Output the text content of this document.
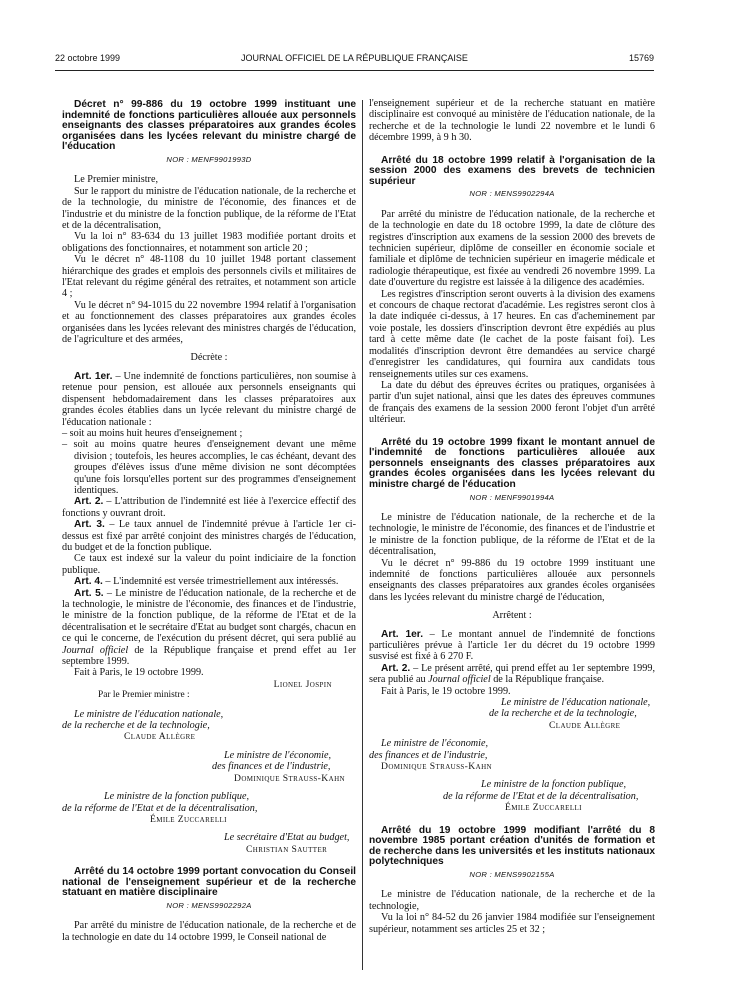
22 octobre 1999	JOURNAL OFFICIEL DE LA RÉPUBLIQUE FRANÇAISE	15769

Décret n° 99-886 du 19 octobre 1999 instituant une indemnité de fonctions particulières allouée aux personnels enseignants des classes préparatoires aux grandes écoles organisées dans les lycées relevant du ministre chargé de l'éducation

NOR : MENF9901993D

Le Premier ministre,

Sur le rapport du ministre de l'éducation nationale, de la recherche et de la technologie, du ministre de l'économie, des finances et de l'industrie et du ministre de la fonction publique, de la réforme de l'Etat et de la décentralisation,

Vu la loi n° 83-634 du 13 juillet 1983 modifiée portant droits et obligations des fonctionnaires, et notamment son article 20 ;

Vu le décret n° 48-1108 du 10 juillet 1948 portant classement hiérarchique des grades et emplois des personnels civils et militaires de l'Etat relevant du régime général des retraites, et notamment son article 4 ;

Vu le décret n° 94-1015 du 22 novembre 1994 relatif à l'organisation et au fonctionnement des classes préparatoires aux grandes écoles organisées dans les lycées relevant des ministres chargés de l'éducation, de l'agriculture et des armées,

Décrète :

Art. 1er. – Une indemnité de fonctions particulières, non soumise à retenue pour pension, est allouée aux personnels enseignants qui dispensent hebdomadairement dans les classes préparatoires aux grandes écoles établies dans un lycée relevant du ministre chargé de l'éducation nationale :

– soit au moins huit heures d'enseignement ;

– soit au moins quatre heures d'enseignement devant une même division ; toutefois, les heures accomplies, le cas échéant, devant des groupes d'élèves issus d'une même division ne sont décomptées qu'une fois lorsqu'elles portent sur des programmes d'enseignement identiques.

Art. 2. – L'attribution de l'indemnité est liée à l'exercice effectif des fonctions y ouvrant droit.

Art. 3. – Le taux annuel de l'indemnité prévue à l'article 1er ci-dessus est fixé par arrêté conjoint des ministres chargés de l'éducation, du budget et de la fonction publique.

Ce taux est indexé sur la valeur du point indiciaire de la fonction publique.

Art. 4. – L'indemnité est versée trimestriellement aux intéressés.

Art. 5. – Le ministre de l'éducation nationale, de la recherche et de la technologie, le ministre de l'économie, des finances et de l'industrie, le ministre de la fonction publique, de la réforme de l'Etat et de la décentralisation et le secrétaire d'Etat au budget sont chargés, chacun en ce qui le concerne, de l'exécution du présent décret, qui sera publié au Journal officiel de la République française et prend effet au 1er septembre 1999.

Fait à Paris, le 19 octobre 1999.

Lionel Jospin

Par le Premier ministre :

Le ministre de l'éducation nationale,
de la recherche et de la technologie,

Claude Allègre

Le ministre de l'économie,
des finances et de l'industrie,

Dominique Strauss-Kahn

Le ministre de la fonction publique,
de la réforme de l'Etat et de la décentralisation,

Émile Zuccarelli

Le secrétaire d'Etat au budget,

Christian Sautter

Arrêté du 14 octobre 1999 portant convocation du Conseil national de l'enseignement supérieur et de la recherche statuant en matière disciplinaire

NOR : MENS9902292A

Par arrêté du ministre de l'éducation nationale, de la recherche et de la technologie en date du 14 octobre 1999, le Conseil national de

l'enseignement supérieur et de la recherche statuant en matière disciplinaire est convoqué au ministère de l'éducation nationale, de la recherche et de la technologie le lundi 22 novembre et le lundi 6 décembre 1999, à 9 h 30.

Arrêté du 18 octobre 1999 relatif à l'organisation de la session 2000 des examens des brevets de technicien supérieur

NOR : MENS9902294A

Par arrêté du ministre de l'éducation nationale, de la recherche et de la technologie en date du 18 octobre 1999, la date de clôture des registres d'inscription aux examens de la session 2000 des brevets de technicien supérieur, diplôme de conseiller en économie sociale et familiale et diplôme de technicien supérieur en imagerie médicale et radiologie thérapeutique, est fixée au vendredi 26 novembre 1999. La date d'ouverture du registre est laissée à la diligence des académies.

Les registres d'inscription seront ouverts à la division des examens et concours de chaque rectorat d'académie. Les registres seront clos à la date indiquée ci-dessus, à 17 heures. En cas d'acheminement par voie postale, les dossiers d'inscription devront être expédiés au plus tard à cette même date (le cachet de la poste faisant foi). Les modalités d'inscription devront être demandées au service chargé d'enregistrer les candidatures, qui fournira aux candidats tous renseignements utiles sur ces examens.

La date du début des épreuves écrites ou pratiques, organisées à partir d'un sujet national, ainsi que les dates des épreuves communes de français des examens de la session 2000 feront l'objet d'un arrêté ultérieur.

Arrêté du 19 octobre 1999 fixant le montant annuel de l'indemnité de fonctions particulières allouée aux personnels enseignants des classes préparatoires aux grandes écoles organisées dans les lycées relevant du ministre chargé de l'éducation

NOR : MENF9901994A

Le ministre de l'éducation nationale, de la recherche et de la technologie, le ministre de l'économie, des finances et de l'industrie et le ministre de la fonction publique, de la réforme de l'Etat et de la décentralisation,

Vu le décret n° 99-886 du 19 octobre 1999 instituant une indemnité de fonctions particulières allouée aux personnels enseignants des classes préparatoires aux grandes écoles organisées dans les lycées relevant du ministre chargé de l'éducation,

Arrêtent :

Art. 1er. – Le montant annuel de l'indemnité de fonctions particulières prévue à l'article 1er du décret du 19 octobre 1999 susvisé est fixé à 6 270 F.

Art. 2. – Le présent arrêté, qui prend effet au 1er septembre 1999, sera publié au Journal officiel de la République française.

Fait à Paris, le 19 octobre 1999.

Le ministre de l'éducation nationale,
de la recherche et de la technologie,

Claude Allègre

Le ministre de l'économie,
des finances et de l'industrie,

Dominique Strauss-Kahn

Le ministre de la fonction publique,
de la réforme de l'Etat et de la décentralisation,

Émile Zuccarelli

Arrêté du 19 octobre 1999 modifiant l'arrêté du 8 novembre 1985 portant création d'unités de formation et de recherche dans les universités et les instituts nationaux polytechniques

NOR : MENS9902155A

Le ministre de l'éducation nationale, de la recherche et de la technologie,

Vu la loi n° 84-52 du 26 janvier 1984 modifiée sur l'enseignement supérieur, notamment ses articles 25 et 32 ;
